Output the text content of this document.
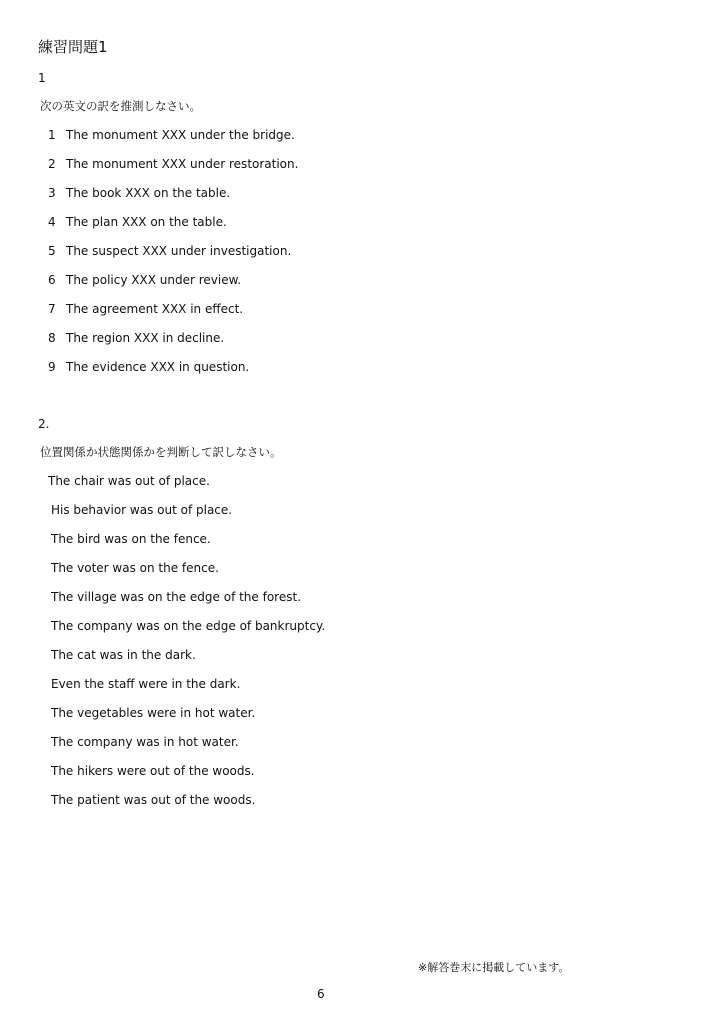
練習問題1
1
次の英文の訳を推測しなさい。
1 The monument XXX under the bridge.
2 The monument XXX under restoration.
3 The book XXX on the table.
4 The plan XXX on the table.
5 The suspect XXX under investigation.
6 The policy XXX under review.
7 The agreement XXX in effect.
8 The region XXX in decline.
9 The evidence XXX in question.
2.
位置関係か状態関係かを判断して訳しなさい。
The chair was out of place.
His behavior was out of place.
The bird was on the fence.
The voter was on the fence.
The village was on the edge of the forest.
The company was on the edge of bankruptcy.
The cat was in the dark.
Even the staff were in the dark.
The vegetables were in hot water.
The company was in hot water.
The hikers were out of the woods.
The patient was out of the woods.
※解答巻末に掲載しています。
6
